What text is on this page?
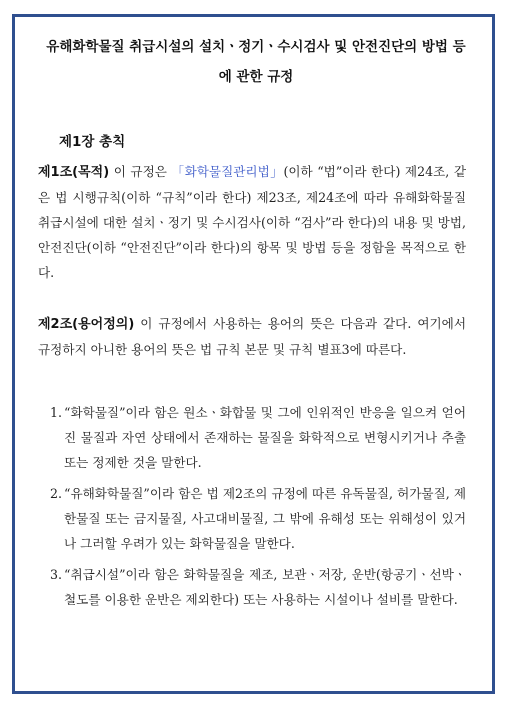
유해화학물질 취급시설의 설치ㆍ정기ㆍ수시검사 및 안전진단의 방법 등
에 관한 규정
제1장 총칙

제1조(목적) 이 규정은 「화학물질관리법」(이하 “법”이라 한다) 제24조, 같은 법 시행규칙(이하 “규칙”이라 한다) 제23조, 제24조에 따라 유해화학물질 취급시설에 대한 설치ㆍ정기 및 수시검사(이하 “검사”라 한다)의 내용 및 방법, 안전진단(이하 “안전진단”이라 한다)의 항목 및 방법 등을 정함을 목적으로 한다.

제2조(용어정의) 이 규정에서 사용하는 용어의 뜻은 다음과 같다. 여기에서 규정하지 아니한 용어의 뜻은 법 규칙 본문 및 규칙 별표3에 따른다.

1. “화학물질”이라 함은 원소ㆍ화합물 및 그에 인위적인 반응을 일으켜 얻어진 물질과 자연 상태에서 존재하는 물질을 화학적으로 변형시키거나 추출 또는 정제한 것을 말한다.
2. “유해화학물질”이라 함은 법 제2조의 규정에 따른 유독물질, 허가물질, 제한물질 또는 금지물질, 사고대비물질, 그 밖에 유해성 또는 위해성이 있거나 그러할 우려가 있는 화학물질을 말한다.
3. “취급시설”이라 함은 화학물질을 제조, 보관ㆍ저장, 운반(항공기ㆍ선박ㆍ철도를 이용한 운반은 제외한다) 또는 사용하는 시설이나 설비를 말한다.
